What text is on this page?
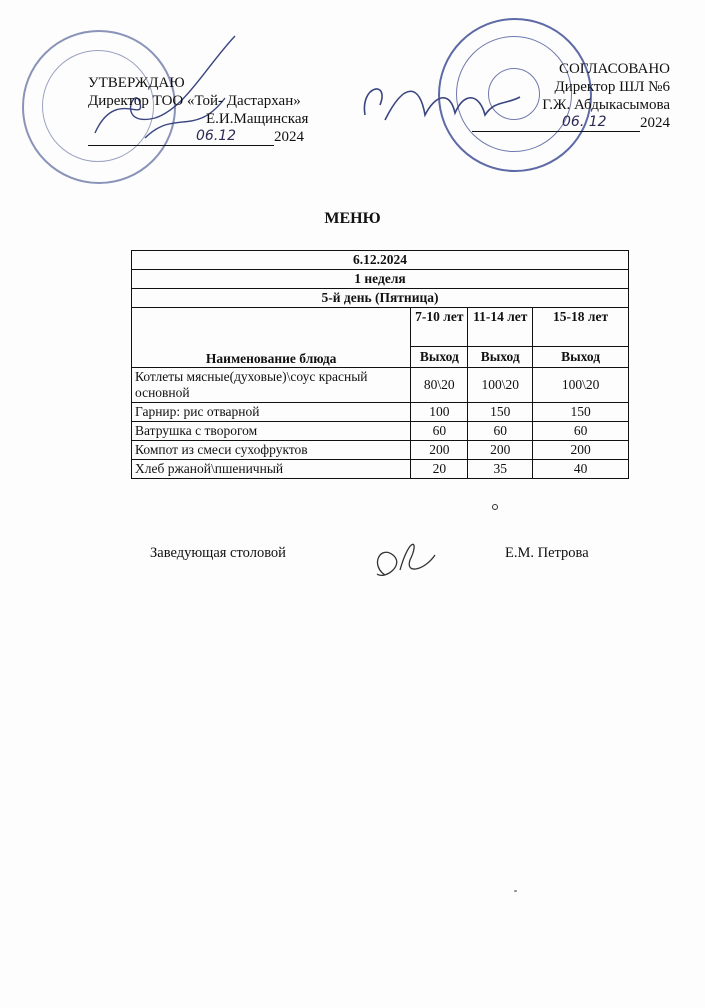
УТВЕРЖДАЮ
Директор ТОО «Той- Дастархан»
Е.И.Мащинская
06.12	2024
СОГЛАСОВАНО
Директор ШЛ №6
Г.Ж. Абдыкасымова
06. 12 2024
МЕНЮ
6.12.2024			
1 неделя			
5-й день (Пятница)			
Наименование блюда	7-10 лет	11-14 лет	15-18 лет
	Выход	Выход	Выход
Котлеты мясные(духовые)\соус красный основной	80\20	100\20	100\20
Гарнир: рис отварной	100	150	150
Ватрушка с творогом	60	60	60
Компот из смеси сухофруктов	200	200	200
Хлеб ржаной\пшеничный	20	35	40
Заведующая столовой	Е.М. Петрова
